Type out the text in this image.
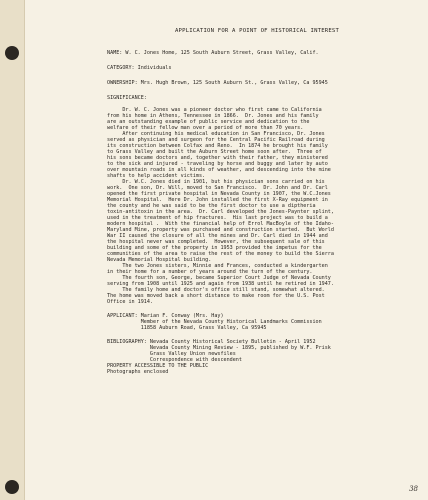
APPLICATION FOR A POINT OF HISTORICAL INTEREST
NAME: W. C. Jones Home, 125 South Auburn Street, Grass Valley, Calif.
CATEGORY: Individuals
OWNERSHIP: Mrs. Hugh Brown, 125 South Auburn St., Grass Valley, Ca 95945
SIGNIFICANCE:

Dr. W. C. Jones was a pioneer doctor who first came to California

from his home in Athens, Tennessee in 1866.  Dr. Jones and his family

are an outstanding example of public service and dedication to the

welfare of their fellow man over a period of more than 70 years.

After continuing his medical education in San Francisco, Dr. Jones

served as physician and surgeon for the Central Pacific Railroad during

its construction between Colfax and Reno.  In 1874 he brought his family

to Grass Valley and built the Auburn Street home soon after.  Three of

his sons became doctors and, together with their father, they ministered

to the sick and injured - traveling by horse and buggy and later by auto

over mountain roads in all kinds of weather, and descending into the mine

shafts to help accident victims.

Dr. W.C. Jones died in 1901, but his physician sons carried on his

work.  One son, Dr. Will, moved to San Francisco.  Dr. John and Dr. Carl

opened the first private hospital in Nevada County in 1907, the W.C.Jones

Memorial Hospital.  Here Dr. John installed the first X-Ray equipment in

the county and he was said to be the first doctor to use a diptheria

toxin-antitoxin in the area.  Dr. Carl developed the Jones-Paynter splint,

used in the treatment of hip fractures.  His last project was to build a

modern hospital .  With the financial help of Errol MacBoyle of the Idaho-

Maryland Mine, property was purchased and construction started.  But World

War II caused the closure of all the mines and Dr. Carl died in 1944 and

the hospital never was completed.  However, the subsequent sale of this

building and some of the property in 1953 provided the impetus for the

communities of the area to raise the rest of the money to build the Sierra

Nevada Memorial Hospital building.

The two Jones sisters, Minnie and Frances, conducted a kindergarten

in their home for a number of years around the turn of the century.

The fourth son, George, became Superior Court Judge of Nevada County

serving from 1908 until 1925 and again from 1938 until he retired in 1947.

The family home and doctor's office still stand, somewhat altered.

The home was moved back a short distance to make room for the U.S. Post

Office in 1914.

APPLICANT: Marian F. Conway (Mrs. Hay)

Member of the Nevada County Historical Landmarks Commission

11858 Auburn Road, Grass Valley, Ca 95945

BIBLIOGRAPHY: Nevada County Historical Society Bulletin - April 1952

Nevada County Mining Review - 1895, published by W.F. Prisk

Grass Valley Union newsfiles

Correspondence with descendent

PROPERTY ACCESSIBLE TO THE PUBLIC
Photographs enclosed
38
